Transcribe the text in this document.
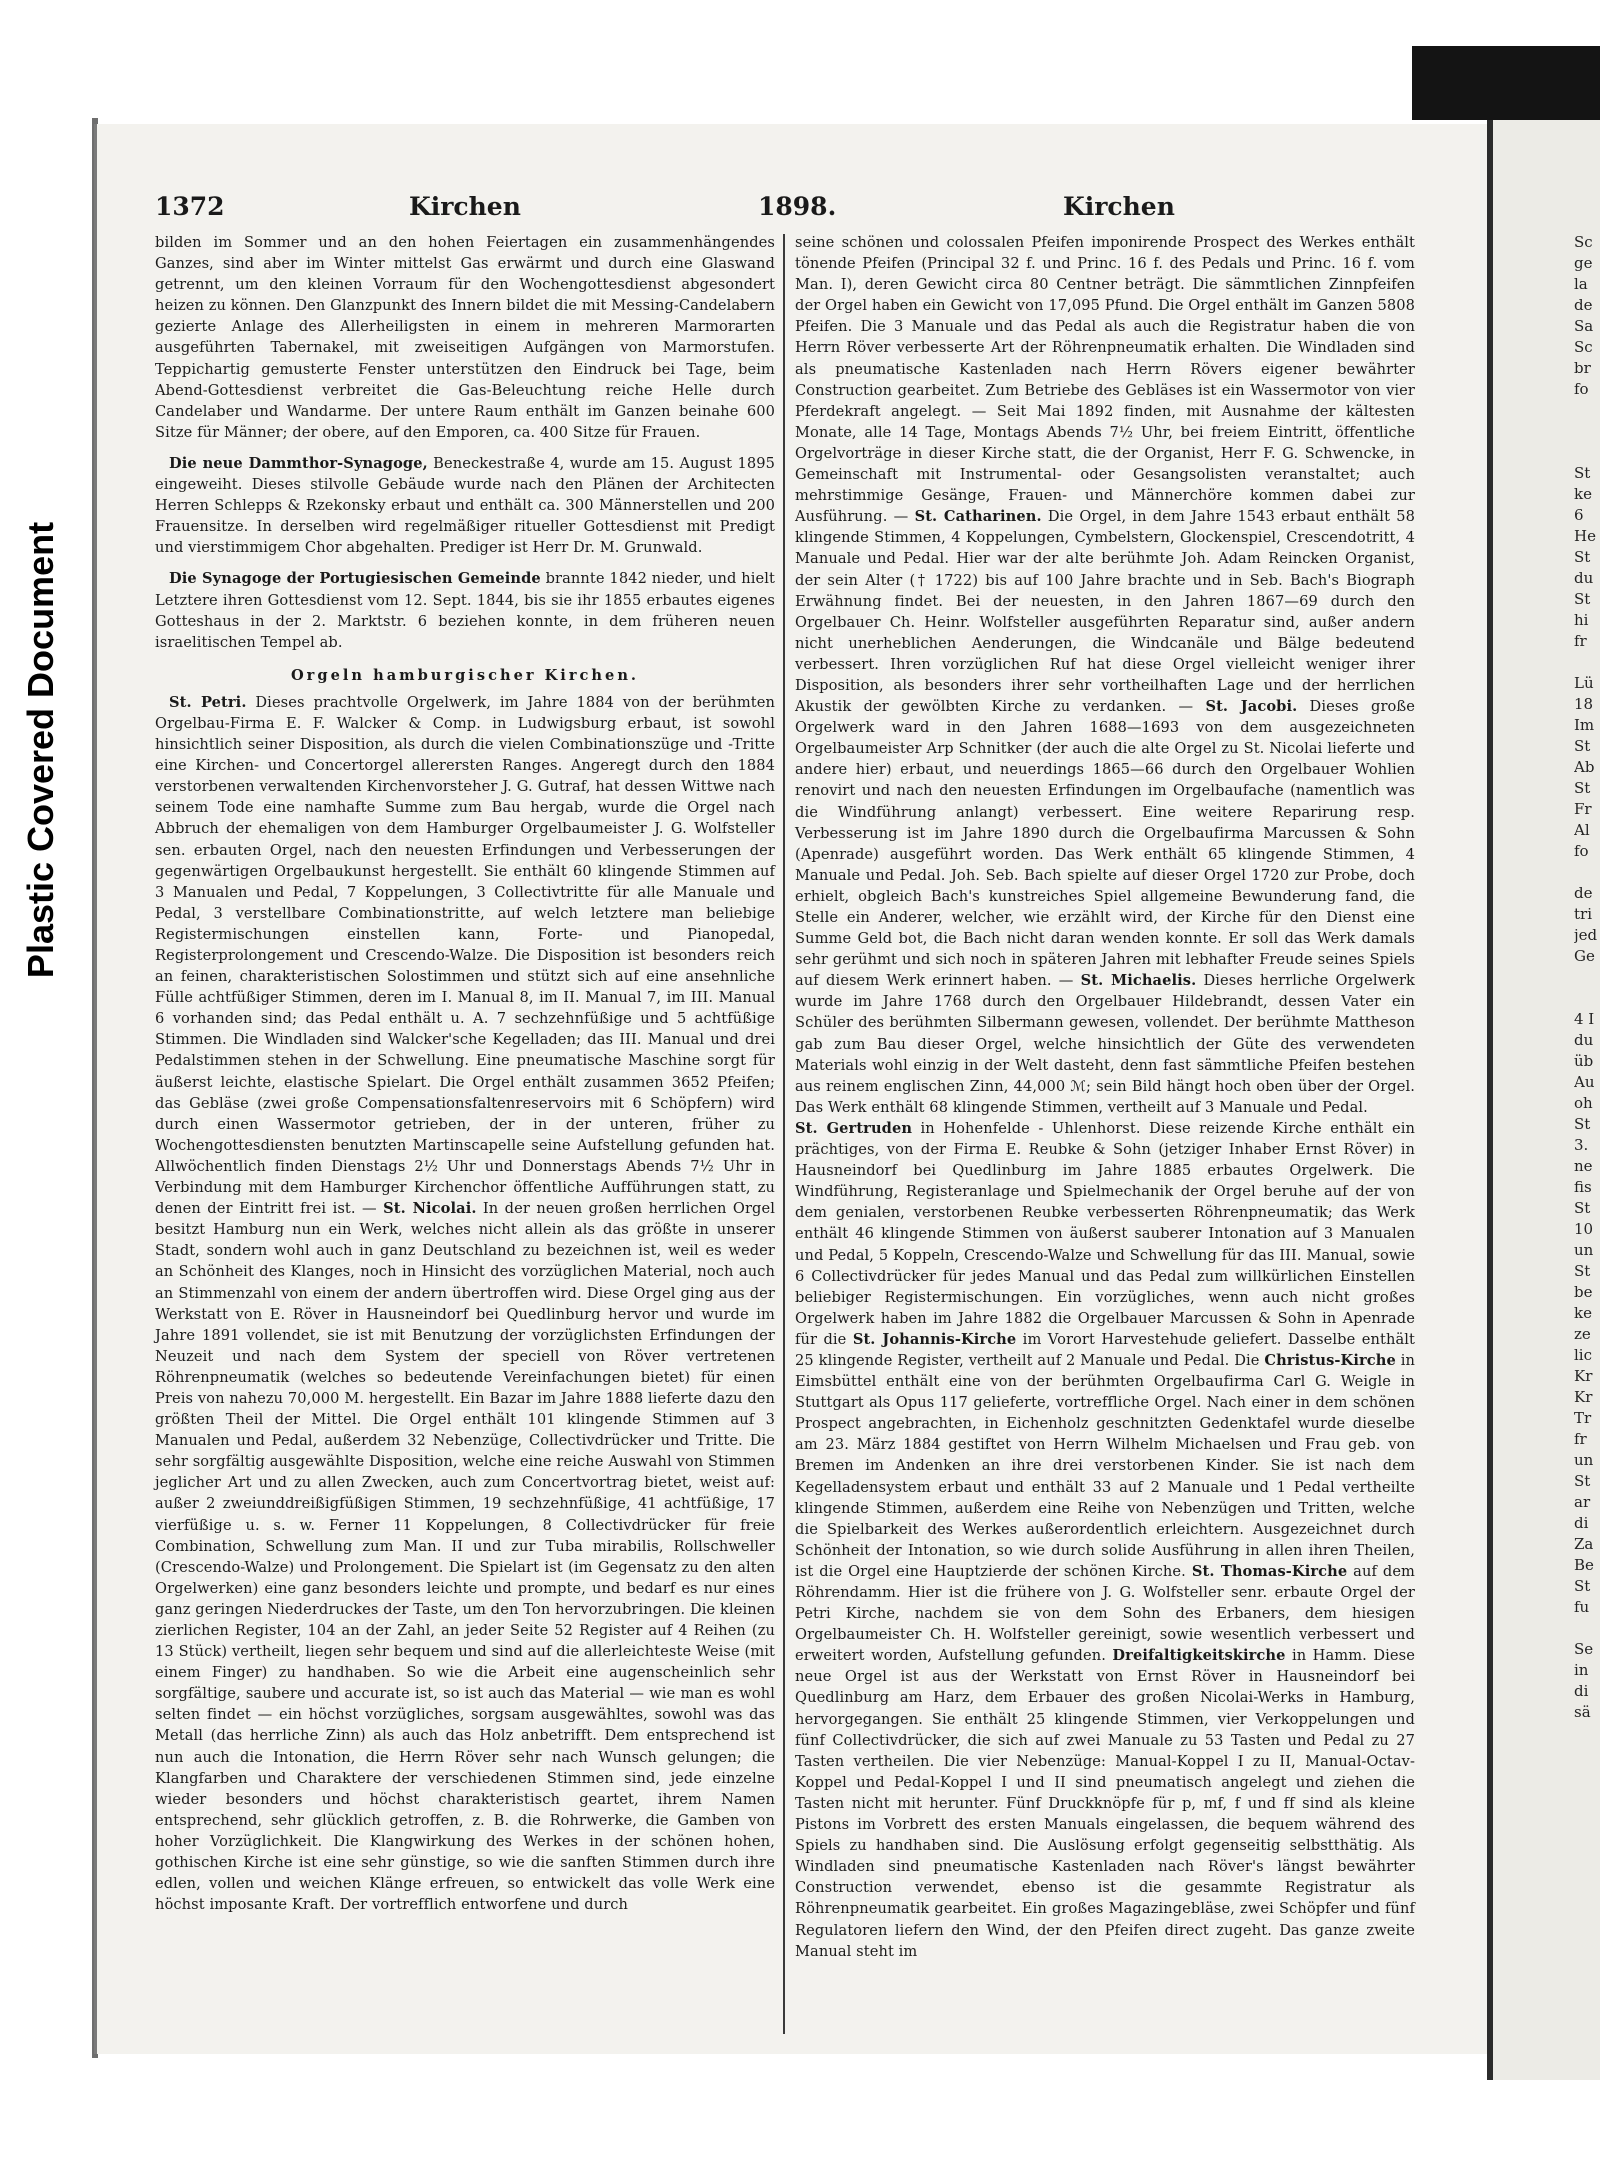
Plastic Covered Document
1372	Kirchen	1898.	Kirchen

bilden im Sommer und an den hohen Feiertagen ein zusammenhängendes Ganzes, sind aber im Winter mittelst Gas erwärmt und durch eine Glaswand getrennt, um den kleinen Vorraum für den Wochengottesdienst abgesondert heizen zu können. Den Glanzpunkt des Innern bildet die mit Messing-Candelabern gezierte Anlage des Allerheiligsten in einem in mehreren Marmorarten ausgeführten Tabernakel, mit zweiseitigen Aufgängen von Marmorstufen. Teppichartig gemusterte Fenster unterstützen den Eindruck bei Tage, beim Abend-Gottesdienst verbreitet die Gas-Beleuchtung reiche Helle durch Candelaber und Wandarme. Der untere Raum enthält im Ganzen beinahe 600 Sitze für Männer; der obere, auf den Emporen, ca. 400 Sitze für Frauen.

Die neue Dammthor-Synagoge, Beneckestraße 4, wurde am 15. August 1895 eingeweiht. Dieses stilvolle Gebäude wurde nach den Plänen der Architecten Herren Schlepps & Rzekonsky erbaut und enthält ca. 300 Männerstellen und 200 Frauensitze. In derselben wird regelmäßiger ritueller Gottesdienst mit Predigt und vierstimmigem Chor abgehalten. Prediger ist Herr Dr. M. Grunwald.

Die Synagoge der Portugiesischen Gemeinde brannte 1842 nieder, und hielt Letztere ihren Gottesdienst vom 12. Sept. 1844, bis sie ihr 1855 erbautes eigenes Gotteshaus in der 2. Marktstr. 6 beziehen konnte, in dem früheren neuen israelitischen Tempel ab.

Orgeln hamburgischer Kirchen.

St. Petri. Dieses prachtvolle Orgelwerk, im Jahre 1884 von der berühmten Orgelbau-Firma E. F. Walcker & Comp. in Ludwigsburg erbaut, ist sowohl hinsichtlich seiner Disposition, als durch die vielen Combinationszüge und -Tritte eine Kirchen- und Concertorgel allerersten Ranges. Angeregt durch den 1884 verstorbenen verwaltenden Kirchenvorsteher J. G. Gutraf, hat dessen Wittwe nach seinem Tode eine namhafte Summe zum Bau hergab, wurde die Orgel nach Abbruch der ehemaligen von dem Hamburger Orgelbaumeister J. G. Wolfsteller sen. erbauten Orgel, nach den neuesten Erfindungen und Verbesserungen der gegenwärtigen Orgelbaukunst hergestellt. Sie enthält 60 klingende Stimmen auf 3 Manualen und Pedal, 7 Koppelungen, 3 Collectivtritte für alle Manuale und Pedal, 3 verstellbare Combinationstritte, auf welch letztere man beliebige Registermischungen einstellen kann, Forte- und Pianopedal, Registerprolongement und Crescendo-Walze. Die Disposition ist besonders reich an feinen, charakteristischen Solostimmen und stützt sich auf eine ansehnliche Fülle achtfüßiger Stimmen, deren im I. Manual 8, im II. Manual 7, im III. Manual 6 vorhanden sind; das Pedal enthält u. A. 7 sechzehnfüßige und 5 achtfüßige Stimmen. Die Windladen sind Walcker'sche Kegelladen; das III. Manual und drei Pedalstimmen stehen in der Schwellung. Eine pneumatische Maschine sorgt für äußerst leichte, elastische Spielart. Die Orgel enthält zusammen 3652 Pfeifen; das Gebläse (zwei große Compensationsfaltenreservoirs mit 6 Schöpfern) wird durch einen Wassermotor getrieben, der in der unteren, früher zu Wochengottesdiensten benutzten Martinscapelle seine Aufstellung gefunden hat. Allwöchentlich finden Dienstags 2½ Uhr und Donnerstags Abends 7½ Uhr in Verbindung mit dem Hamburger Kirchenchor öffentliche Aufführungen statt, zu denen der Eintritt frei ist. — St. Nicolai. In der neuen großen herrlichen Orgel besitzt Hamburg nun ein Werk, welches nicht allein als das größte in unserer Stadt, sondern wohl auch in ganz Deutschland zu bezeichnen ist, weil es weder an Schönheit des Klanges, noch in Hinsicht des vorzüglichen Material, noch auch an Stimmenzahl von einem der andern übertroffen wird. Diese Orgel ging aus der Werkstatt von E. Röver in Hausneindorf bei Quedlinburg hervor und wurde im Jahre 1891 vollendet, sie ist mit Benutzung der vorzüglichsten Erfindungen der Neuzeit und nach dem System der speciell von Röver vertretenen Röhrenpneumatik (welches so bedeutende Vereinfachungen bietet) für einen Preis von nahezu 70,000 M. hergestellt. Ein Bazar im Jahre 1888 lieferte dazu den größten Theil der Mittel. Die Orgel enthält 101 klingende Stimmen auf 3 Manualen und Pedal, außerdem 32 Nebenzüge, Collectivdrücker und Tritte. Die sehr sorgfältig ausgewählte Disposition, welche eine reiche Auswahl von Stimmen jeglicher Art und zu allen Zwecken, auch zum Concertvortrag bietet, weist auf: außer 2 zweiunddreißigfüßigen Stimmen, 19 sechzehnfüßige, 41 achtfüßige, 17 vierfüßige u. s. w. Ferner 11 Koppelungen, 8 Collectivdrücker für freie Combination, Schwellung zum Man. II und zur Tuba mirabilis, Rollschweller (Crescendo-Walze) und Prolongement. Die Spielart ist (im Gegensatz zu den alten Orgelwerken) eine ganz besonders leichte und prompte, und bedarf es nur eines ganz geringen Niederdruckes der Taste, um den Ton hervorzubringen. Die kleinen zierlichen Register, 104 an der Zahl, an jeder Seite 52 Register auf 4 Reihen (zu 13 Stück) vertheilt, liegen sehr bequem und sind auf die allerleichteste Weise (mit einem Finger) zu handhaben. So wie die Arbeit eine augenscheinlich sehr sorgfältige, saubere und accurate ist, so ist auch das Material — wie man es wohl selten findet — ein höchst vorzügliches, sorgsam ausgewähltes, sowohl was das Metall (das herrliche Zinn) als auch das Holz anbetrifft. Dem entsprechend ist nun auch die Intonation, die Herrn Röver sehr nach Wunsch gelungen; die Klangfarben und Charaktere der verschiedenen Stimmen sind, jede einzelne wieder besonders und höchst charakteristisch geartet, ihrem Namen entsprechend, sehr glücklich getroffen, z. B. die Rohrwerke, die Gamben von hoher Vorzüglichkeit. Die Klangwirkung des Werkes in der schönen hohen, gothischen Kirche ist eine sehr günstige, so wie die sanften Stimmen durch ihre edlen, vollen und weichen Klänge erfreuen, so entwickelt das volle Werk eine höchst imposante Kraft. Der vortrefflich entworfene und durch

seine schönen und colossalen Pfeifen imponirende Prospect des Werkes enthält tönende Pfeifen (Principal 32 f. und Princ. 16 f. des Pedals und Princ. 16 f. vom Man. I), deren Gewicht circa 80 Centner beträgt. Die sämmtlichen Zinnpfeifen der Orgel haben ein Gewicht von 17,095 Pfund. Die Orgel enthält im Ganzen 5808 Pfeifen. Die 3 Manuale und das Pedal als auch die Registratur haben die von Herrn Röver verbesserte Art der Röhrenpneumatik erhalten. Die Windladen sind als pneumatische Kastenladen nach Herrn Rövers eigener bewährter Construction gearbeitet. Zum Betriebe des Gebläses ist ein Wassermotor von vier Pferdekraft angelegt. — Seit Mai 1892 finden, mit Ausnahme der kältesten Monate, alle 14 Tage, Montags Abends 7½ Uhr, bei freiem Eintritt, öffentliche Orgelvorträge in dieser Kirche statt, die der Organist, Herr F. G. Schwencke, in Gemeinschaft mit Instrumental- oder Gesangsolisten veranstaltet; auch mehrstimmige Gesänge, Frauen- und Männerchöre kommen dabei zur Ausführung. — St. Catharinen. Die Orgel, in dem Jahre 1543 erbaut enthält 58 klingende Stimmen, 4 Koppelungen, Cymbelstern, Glockenspiel, Crescendotritt, 4 Manuale und Pedal. Hier war der alte berühmte Joh. Adam Reincken Organist, der sein Alter († 1722) bis auf 100 Jahre brachte und in Seb. Bach's Biograph Erwähnung findet. Bei der neuesten, in den Jahren 1867—69 durch den Orgelbauer Ch. Heinr. Wolfsteller ausgeführten Reparatur sind, außer andern nicht unerheblichen Aenderungen, die Windcanäle und Bälge bedeutend verbessert. Ihren vorzüglichen Ruf hat diese Orgel vielleicht weniger ihrer Disposition, als besonders ihrer sehr vortheilhaften Lage und der herrlichen Akustik der gewölbten Kirche zu verdanken. — St. Jacobi. Dieses große Orgelwerk ward in den Jahren 1688—1693 von dem ausgezeichneten Orgelbaumeister Arp Schnitker (der auch die alte Orgel zu St. Nicolai lieferte und andere hier) erbaut, und neuerdings 1865—66 durch den Orgelbauer Wohlien renovirt und nach den neuesten Erfindungen im Orgelbaufache (namentlich was die Windführung anlangt) verbessert. Eine weitere Reparirung resp. Verbesserung ist im Jahre 1890 durch die Orgelbaufirma Marcussen & Sohn (Apenrade) ausgeführt worden. Das Werk enthält 65 klingende Stimmen, 4 Manuale und Pedal. Joh. Seb. Bach spielte auf dieser Orgel 1720 zur Probe, doch erhielt, obgleich Bach's kunstreiches Spiel allgemeine Bewunderung fand, die Stelle ein Anderer, welcher, wie erzählt wird, der Kirche für den Dienst eine Summe Geld bot, die Bach nicht daran wenden konnte. Er soll das Werk damals sehr gerühmt und sich noch in späteren Jahren mit lebhafter Freude seines Spiels auf diesem Werk erinnert haben. — St. Michaelis. Dieses herrliche Orgelwerk wurde im Jahre 1768 durch den Orgelbauer Hildebrandt, dessen Vater ein Schüler des berühmten Silbermann gewesen, vollendet. Der berühmte Mattheson gab zum Bau dieser Orgel, welche hinsichtlich der Güte des verwendeten Materials wohl einzig in der Welt dasteht, denn fast sämmtliche Pfeifen bestehen aus reinem englischen Zinn, 44,000 ℳ; sein Bild hängt hoch oben über der Orgel. Das Werk enthält 68 klingende Stimmen, vertheilt auf 3 Manuale und Pedal.

St. Gertruden in Hohenfelde - Uhlenhorst. Diese reizende Kirche enthält ein prächtiges, von der Firma E. Reubke & Sohn (jetziger Inhaber Ernst Röver) in Hausneindorf bei Quedlinburg im Jahre 1885 erbautes Orgelwerk. Die Windführung, Registeranlage und Spielmechanik der Orgel beruhe auf der von dem genialen, verstorbenen Reubke verbesserten Röhrenpneumatik; das Werk enthält 46 klingende Stimmen von äußerst sauberer Intonation auf 3 Manualen und Pedal, 5 Koppeln, Crescendo-Walze und Schwellung für das III. Manual, sowie 6 Collectivdrücker für jedes Manual und das Pedal zum willkürlichen Einstellen beliebiger Registermischungen. Ein vorzügliches, wenn auch nicht großes Orgelwerk haben im Jahre 1882 die Orgelbauer Marcussen & Sohn in Apenrade für die St. Johannis-Kirche im Vorort Harvestehude geliefert. Dasselbe enthält 25 klingende Register, vertheilt auf 2 Manuale und Pedal. Die Christus-Kirche in Eimsbüttel enthält eine von der berühmten Orgelbaufirma Carl G. Weigle in Stuttgart als Opus 117 gelieferte, vortreffliche Orgel. Nach einer in dem schönen Prospect angebrachten, in Eichenholz geschnitzten Gedenktafel wurde dieselbe am 23. März 1884 gestiftet von Herrn Wilhelm Michaelsen und Frau geb. von Bremen im Andenken an ihre drei verstorbenen Kinder. Sie ist nach dem Kegelladensystem erbaut und enthält 33 auf 2 Manuale und 1 Pedal vertheilte klingende Stimmen, außerdem eine Reihe von Nebenzügen und Tritten, welche die Spielbarkeit des Werkes außerordentlich erleichtern. Ausgezeichnet durch Schönheit der Intonation, so wie durch solide Ausführung in allen ihren Theilen, ist die Orgel eine Hauptzierde der schönen Kirche. St. Thomas-Kirche auf dem Röhrendamm. Hier ist die frühere von J. G. Wolfsteller senr. erbaute Orgel der Petri Kirche, nachdem sie von dem Sohn des Erbaners, dem hiesigen Orgelbaumeister Ch. H. Wolfsteller gereinigt, sowie wesentlich verbessert und erweitert worden, Aufstellung gefunden. Dreifaltigkeitskirche in Hamm. Diese neue Orgel ist aus der Werkstatt von Ernst Röver in Hausneindorf bei Quedlinburg am Harz, dem Erbauer des großen Nicolai-Werks in Hamburg, hervorgegangen. Sie enthält 25 klingende Stimmen, vier Verkoppelungen und fünf Collectivdrücker, die sich auf zwei Manuale zu 53 Tasten und Pedal zu 27 Tasten vertheilen. Die vier Nebenzüge: Manual-Koppel I zu II, Manual-Octav-Koppel und Pedal-Koppel I und II sind pneumatisch angelegt und ziehen die Tasten nicht mit herunter. Fünf Druckknöpfe für p, mf, f und ff sind als kleine Pistons im Vorbrett des ersten Manuals eingelassen, die bequem während des Spiels zu handhaben sind. Die Auslösung erfolgt gegenseitig selbstthätig. Als Windladen sind pneumatische Kastenladen nach Röver's längst bewährter Construction verwendet, ebenso ist die gesammte Registratur als Röhrenpneumatik gearbeitet. Ein großes Magazingebläse, zwei Schöpfer und fünf Regulatoren liefern den Wind, der den Pfeifen direct zugeht. Das ganze zweite Manual steht im

Sc
ge
la
de
Sa
Sc
br
fo
St
ke
6
He
St
du
St
hi
fr
Lü
18
Im
St
Ab
St
Fr
Al
fo
de
tri
jed
Ge
4 I
du
üb
Au
oh
St
3.
ne
fis
St
10
un
St
be
ke
ze
lic
Kr
Kr
Tr
fr
un
St
ar
di
Za
Be
St
fu
Se
in
di
sä
